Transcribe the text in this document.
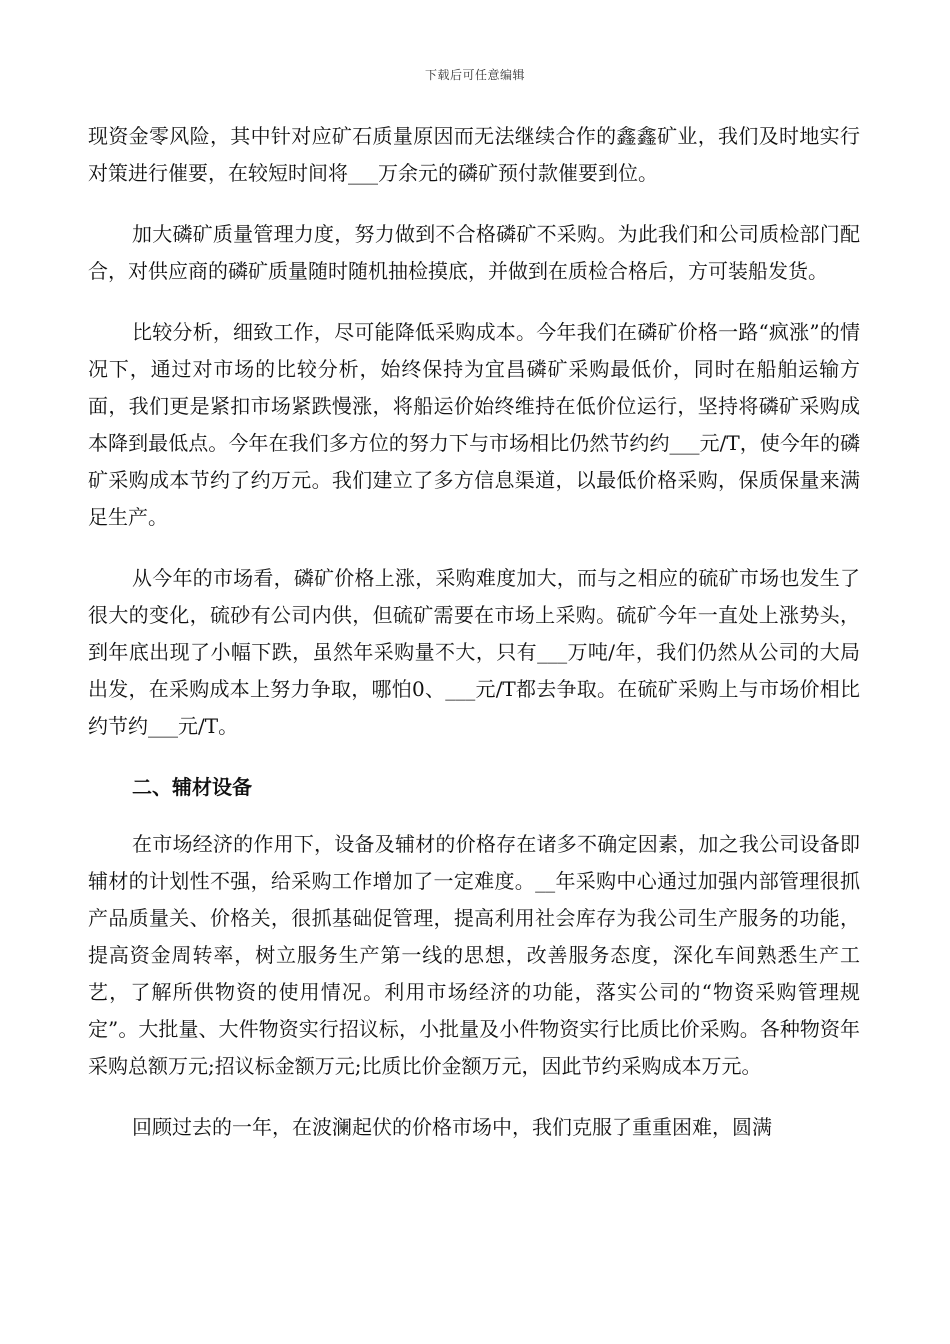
下载后可任意编辑

现资金零风险，其中针对应矿石质量原因而无法继续合作的鑫鑫矿业，我们及时地实行对策进行催要，在较短时间将___万余元的磷矿预付款催要到位。

加大磷矿质量管理力度，努力做到不合格磷矿不采购。为此我们和公司质检部门配合，对供应商的磷矿质量随时随机抽检摸底，并做到在质检合格后，方可装船发货。

比较分析，细致工作，尽可能降低采购成本。今年我们在磷矿价格一路“疯涨”的情况下，通过对市场的比较分析，始终保持为宜昌磷矿采购最低价，同时在船舶运输方面，我们更是紧扣市场紧跌慢涨，将船运价始终维持在低价位运行，坚持将磷矿采购成本降到最低点。今年在我们多方位的努力下与市场相比仍然节约约___元/T，使今年的磷矿采购成本节约了约万元。我们建立了多方信息渠道，以最低价格采购，保质保量来满足生产。

从今年的市场看，磷矿价格上涨，采购难度加大，而与之相应的硫矿市场也发生了很大的变化，硫砂有公司内供，但硫矿需要在市场上采购。硫矿今年一直处上涨势头，到年底出现了小幅下跌，虽然年采购量不大，只有___万吨/年，我们仍然从公司的大局出发，在采购成本上努力争取，哪怕0、___元/T都去争取。在硫矿采购上与市场价相比约节约___元/T。

二、辅材设备

在市场经济的作用下，设备及辅材的价格存在诸多不确定因素，加之我公司设备即辅材的计划性不强，给采购工作增加了一定难度。__年采购中心通过加强内部管理很抓产品质量关、价格关，很抓基础促管理，提高利用社会库存为我公司生产服务的功能，提高资金周转率，树立服务生产第一线的思想，改善服务态度，深化车间熟悉生产工艺，了解所供物资的使用情况。利用市场经济的功能，落实公司的“物资采购管理规定”。大批量、大件物资实行招议标，小批量及小件物资实行比质比价采购。各种物资年采购总额万元;招议标金额万元;比质比价金额万元，因此节约采购成本万元。

回顾过去的一年，在波澜起伏的价格市场中，我们克服了重重困难，圆满
